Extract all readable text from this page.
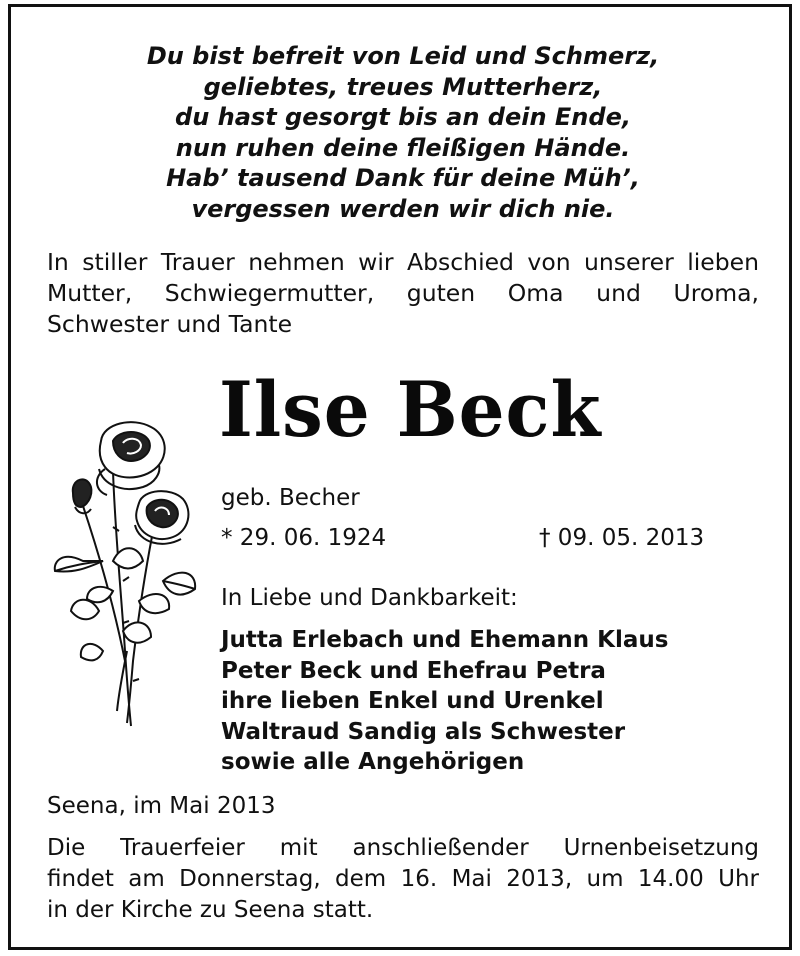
Du bist befreit von Leid und Schmerz,
geliebtes, treues Mutterherz,
du hast gesorgt bis an dein Ende,
nun ruhen deine fleißigen Hände.
Hab’ tausend Dank für deine Müh’,
vergessen werden wir dich nie.
In stiller Trauer nehmen wir Abschied von unserer lieben
Mutter, Schwiegermutter, guten Oma und Uroma,
Schwester und Tante
Ilse Beck
geb. Becher
* 29. 06. 1924	† 09. 05. 2013
In Liebe und Dankbarkeit:
Jutta Erlebach und Ehemann Klaus
Peter Beck und Ehefrau Petra
ihre lieben Enkel und Urenkel
Waltraud Sandig als Schwester
sowie alle Angehörigen
Seena, im Mai 2013
Die Trauerfeier mit anschließender Urnenbeisetzung
findet am Donnerstag, dem 16. Mai 2013, um 14.00 Uhr
in der Kirche zu Seena statt.
